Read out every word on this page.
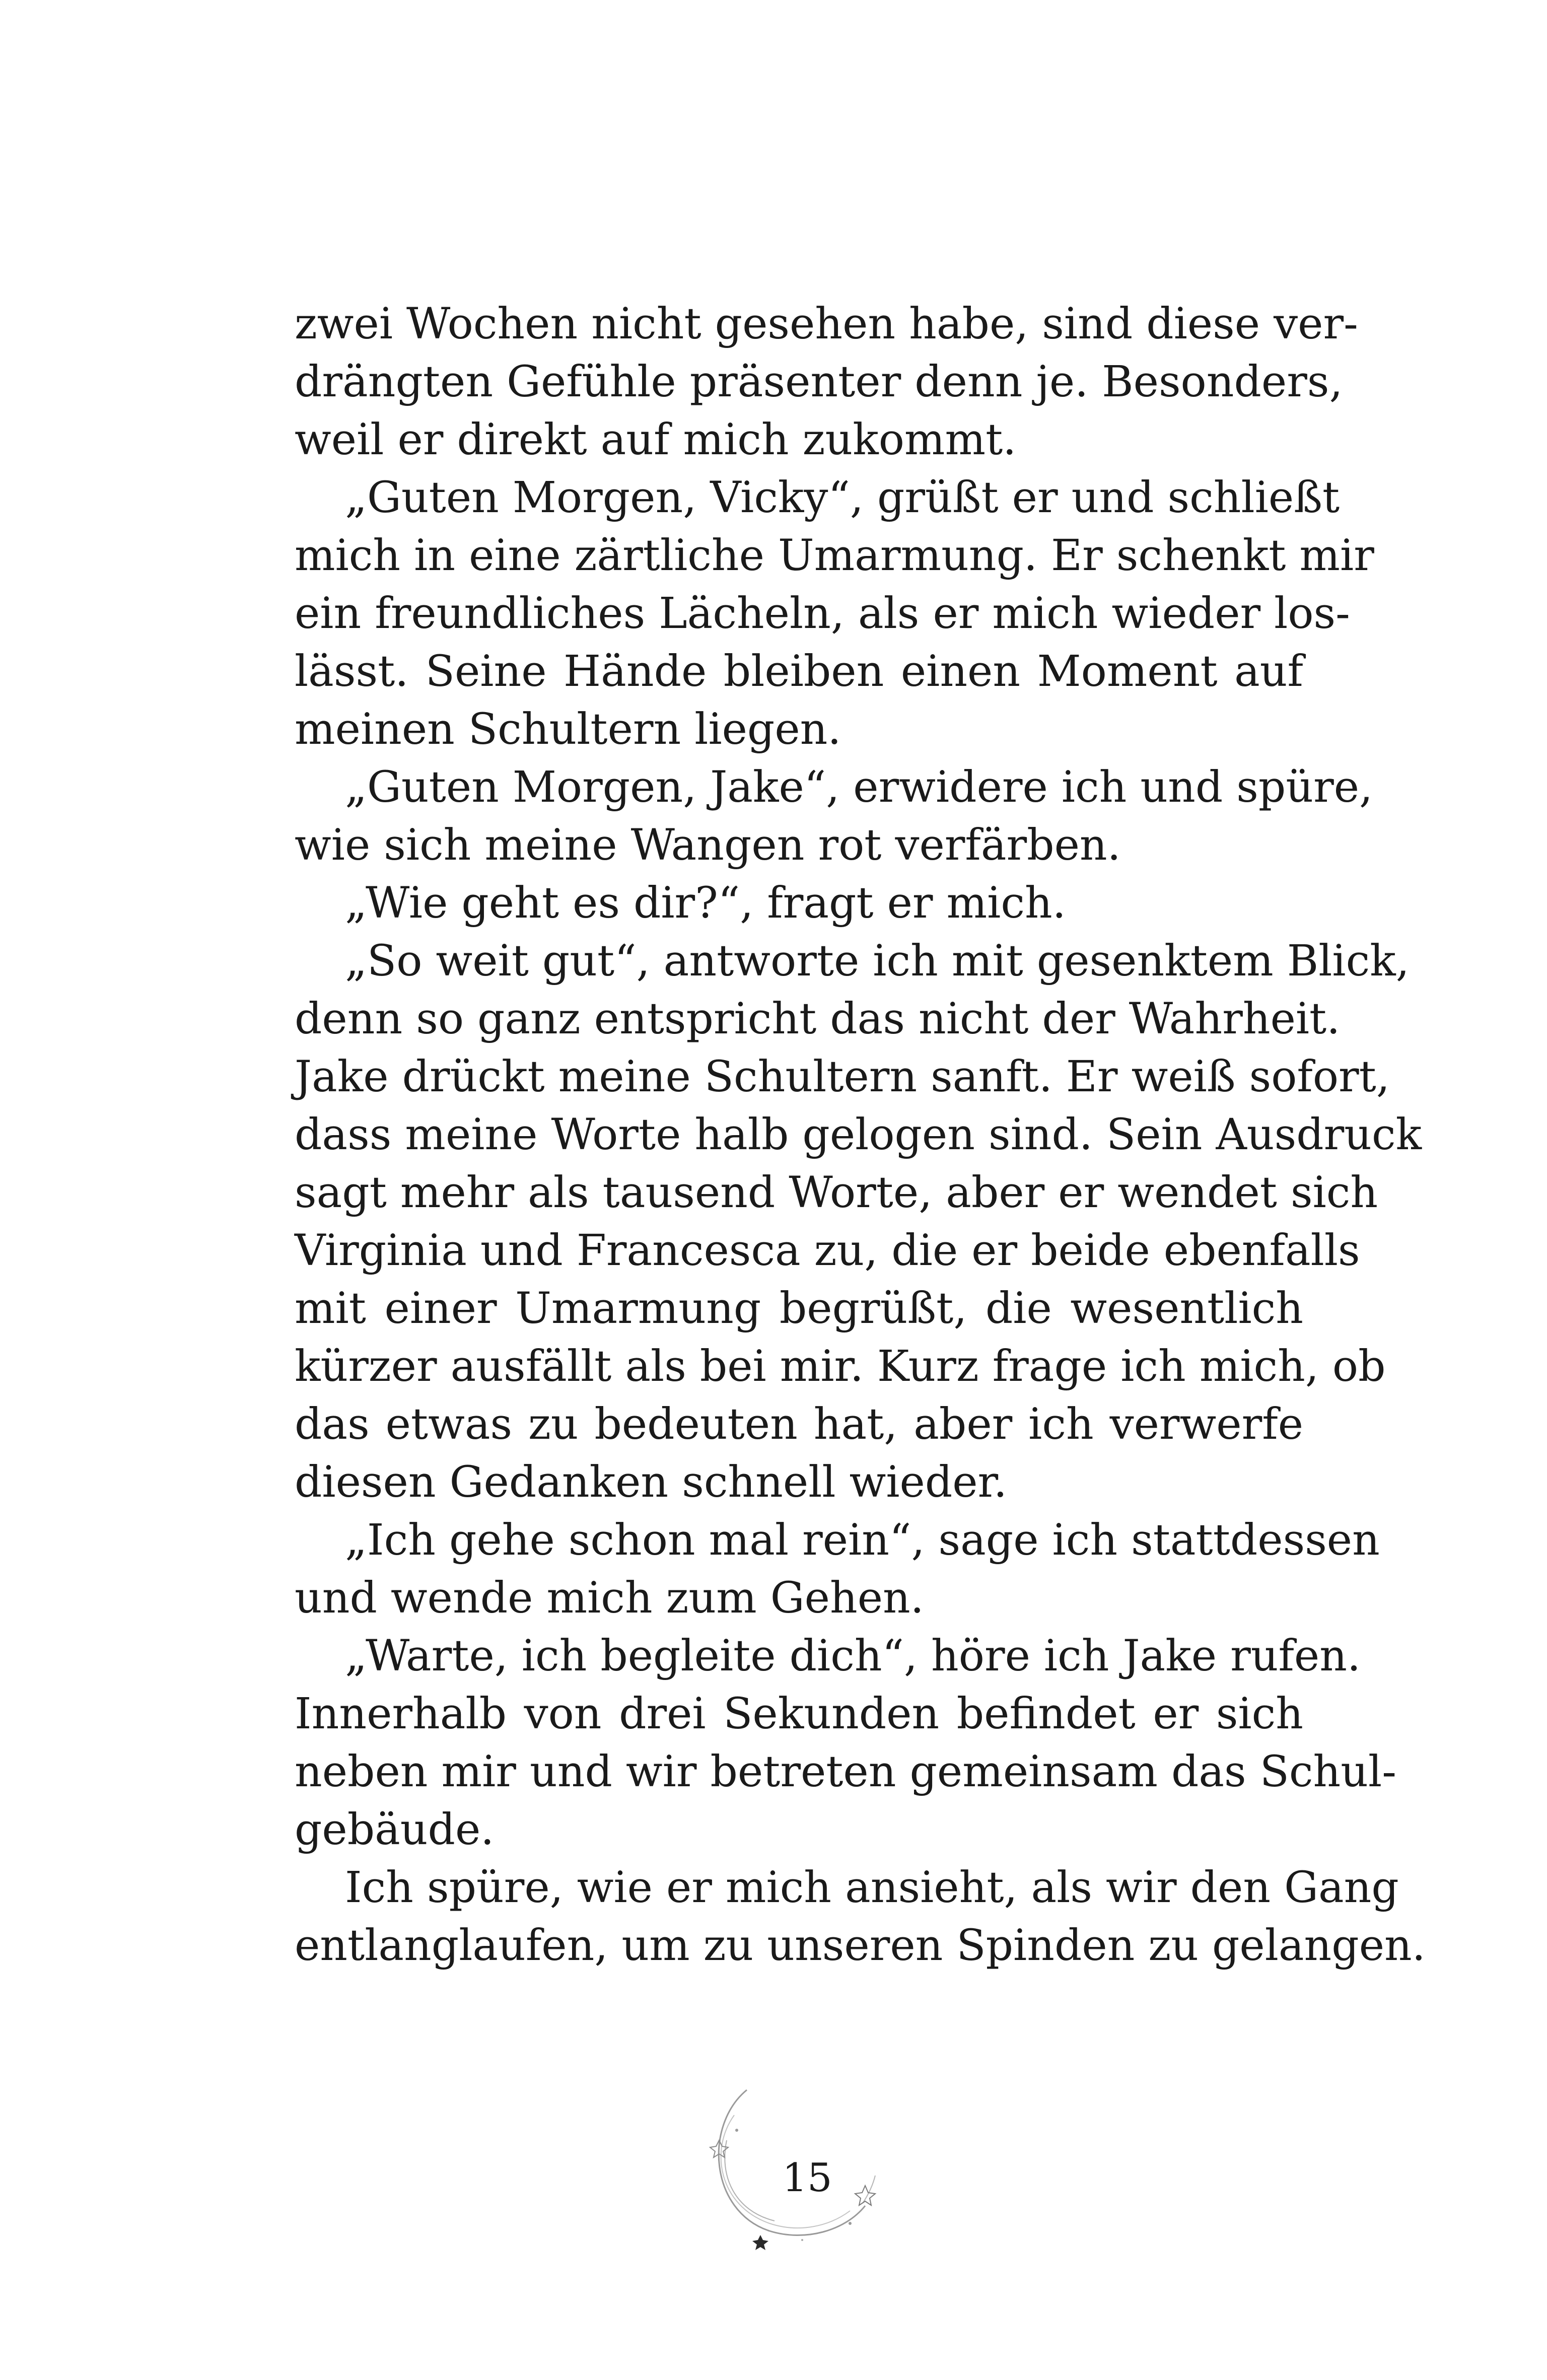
zwei Wochen nicht gesehen habe, sind diese ver-
drängten Gefühle präsenter denn je. Besonders,
weil er direkt auf mich zukommt.
„Guten Morgen, Vicky“, grüßt er und schließt
mich in eine zärtliche Umarmung. Er schenkt mir
ein freundliches Lächeln, als er mich wieder los-
lässt. Seine Hände bleiben einen Moment auf
meinen Schultern liegen.
„Guten Morgen, Jake“, erwidere ich und spüre,
wie sich meine Wangen rot verfärben.
„Wie geht es dir?“, fragt er mich.
„So weit gut“, antworte ich mit gesenktem Blick,
denn so ganz entspricht das nicht der Wahrheit.
Jake drückt meine Schultern sanft. Er weiß sofort,
dass meine Worte halb gelogen sind. Sein Ausdruck
sagt mehr als tausend Worte, aber er wendet sich
Virginia und Francesca zu, die er beide ebenfalls
mit einer Umarmung begrüßt, die wesentlich
kürzer ausfällt als bei mir. Kurz frage ich mich, ob
das etwas zu bedeuten hat, aber ich verwerfe
diesen Gedanken schnell wieder.
„Ich gehe schon mal rein“, sage ich stattdessen
und wende mich zum Gehen.
„Warte, ich begleite dich“, höre ich Jake rufen.
Innerhalb von drei Sekunden befindet er sich
neben mir und wir betreten gemeinsam das Schul-
gebäude.
Ich spüre, wie er mich ansieht, als wir den Gang
entlanglaufen, um zu unseren Spinden zu gelangen.
15
